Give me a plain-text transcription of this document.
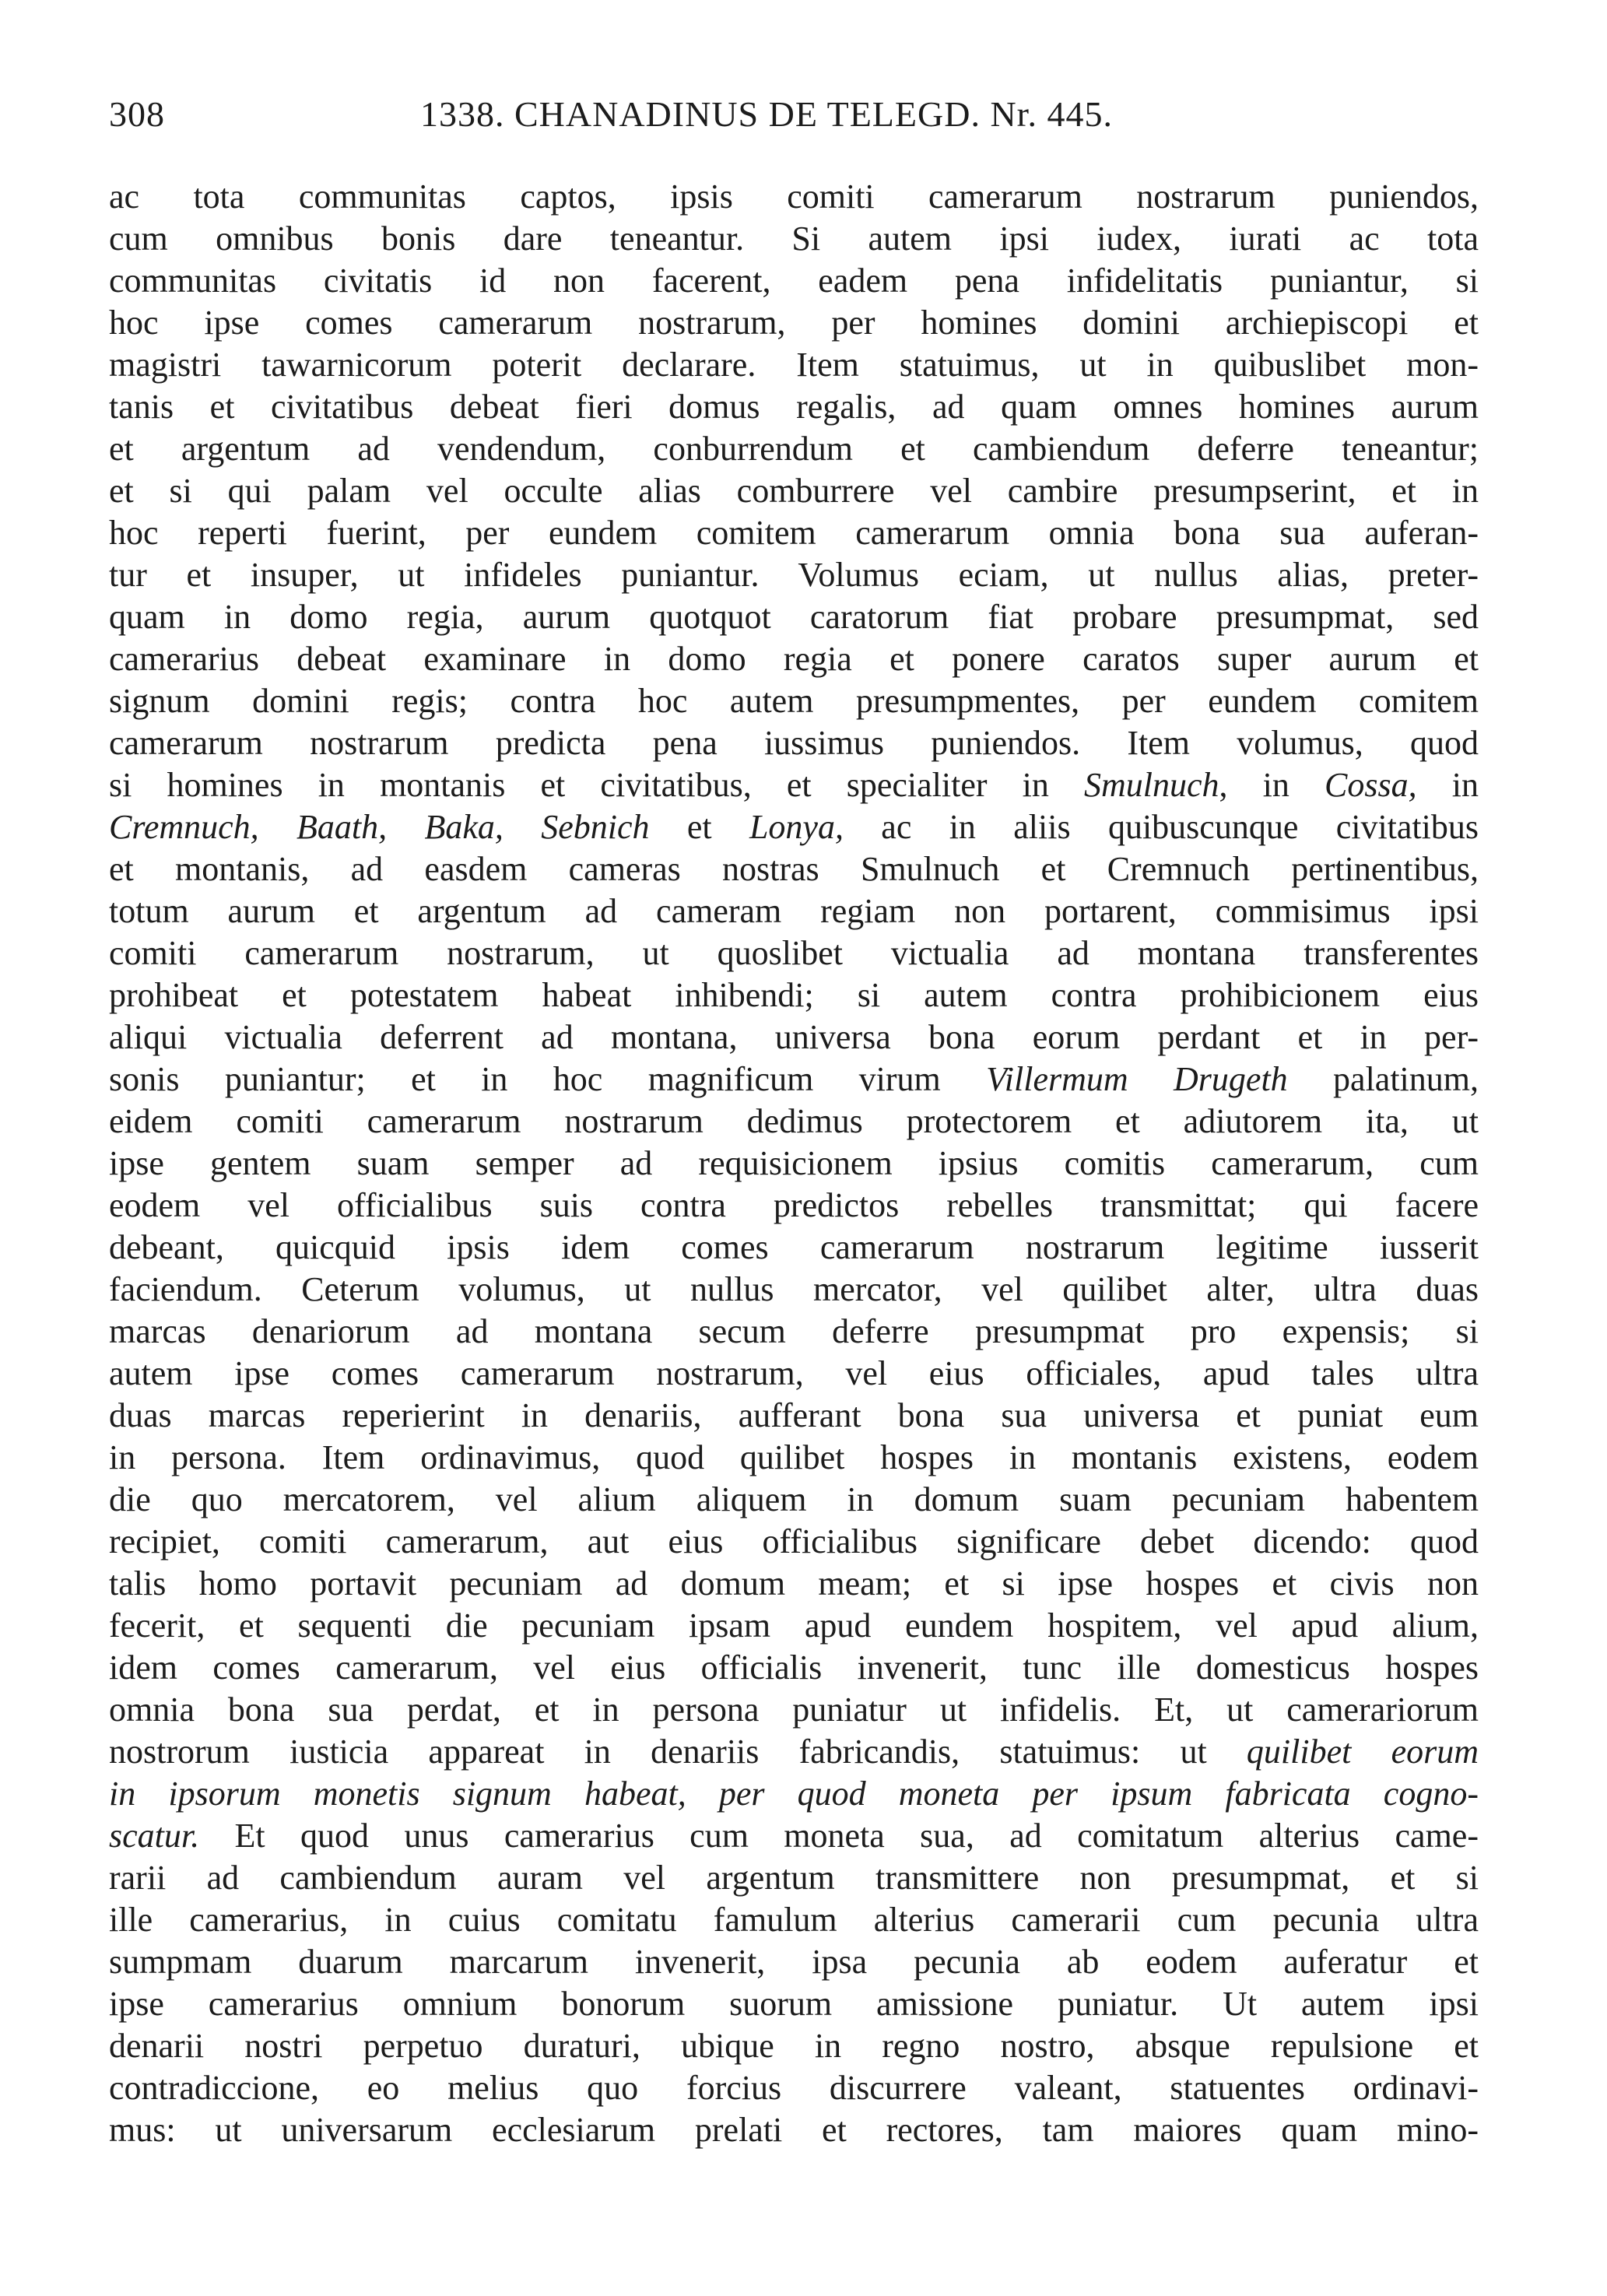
308	1338. CHANADINUS DE TELEGD. Nr. 445.
ac tota communitas captos, ipsis comiti camerarum nostrarum puniendos,
cum omnibus bonis dare teneantur. Si autem ipsi iudex, iurati ac tota
communitas civitatis id non facerent, eadem pena infidelitatis puniantur, si
hoc ipse comes camerarum nostrarum, per homines domini archiepiscopi et
magistri tawarnicorum poterit declarare. Item statuimus, ut in quibuslibet mon-
tanis et civitatibus debeat fieri domus regalis, ad quam omnes homines aurum
et argentum ad vendendum, conburrendum et cambiendum deferre teneantur;
et si qui palam vel occulte alias comburrere vel cambire presumpserint, et in
hoc reperti fuerint, per eundem comitem camerarum omnia bona sua auferan-
tur et insuper, ut infideles puniantur. Volumus eciam, ut nullus alias, preter-
quam in domo regia, aurum quotquot caratorum fiat probare presumpmat, sed
camerarius debeat examinare in domo regia et ponere caratos super aurum et
signum domini regis; contra hoc autem presumpmentes, per eundem comitem
camerarum nostrarum predicta pena iussimus puniendos. Item volumus, quod
si homines in montanis et civitatibus, et specialiter in Smulnuch, in Cossa, in
Cremnuch, Baath, Baka, Sebnich et Lonya, ac in aliis quibuscunque civitatibus
et montanis, ad easdem cameras nostras Smulnuch et Cremnuch pertinentibus,
totum aurum et argentum ad cameram regiam non portarent, commisimus ipsi
comiti camerarum nostrarum, ut quoslibet victualia ad montana transferentes
prohibeat et potestatem habeat inhibendi; si autem contra prohibicionem eius
aliqui victualia deferrent ad montana, universa bona eorum perdant et in per-
sonis puniantur; et in hoc magnificum virum Villermum Drugeth palatinum,
eidem comiti camerarum nostrarum dedimus protectorem et adiutorem ita, ut
ipse gentem suam semper ad requisicionem ipsius comitis camerarum, cum
eodem vel officialibus suis contra predictos rebelles transmittat; qui facere
debeant, quicquid ipsis idem comes camerarum nostrarum legitime iusserit
faciendum. Ceterum volumus, ut nullus mercator, vel quilibet alter, ultra duas
marcas denariorum ad montana secum deferre presumpmat pro expensis; si
autem ipse comes camerarum nostrarum, vel eius officiales, apud tales ultra
duas marcas reperierint in denariis, aufferant bona sua universa et puniat eum
in persona. Item ordinavimus, quod quilibet hospes in montanis existens, eodem
die quo mercatorem, vel alium aliquem in domum suam pecuniam habentem
recipiet, comiti camerarum, aut eius officialibus significare debet dicendo: quod
talis homo portavit pecuniam ad domum meam; et si ipse hospes et civis non
fecerit, et sequenti die pecuniam ipsam apud eundem hospitem, vel apud alium,
idem comes camerarum, vel eius officialis invenerit, tunc ille domesticus hospes
omnia bona sua perdat, et in persona puniatur ut infidelis. Et, ut camerariorum
nostrorum iusticia appareat in denariis fabricandis, statuimus: ut quilibet eorum
in ipsorum monetis signum habeat, per quod moneta per ipsum fabricata cogno-
scatur. Et quod unus camerarius cum moneta sua, ad comitatum alterius came-
rarii ad cambiendum auram vel argentum transmittere non presumpmat, et si
ille camerarius, in cuius comitatu famulum alterius camerarii cum pecunia ultra
sumpmam duarum marcarum invenerit, ipsa pecunia ab eodem auferatur et
ipse camerarius omnium bonorum suorum amissione puniatur. Ut autem ipsi
denarii nostri perpetuo duraturi, ubique in regno nostro, absque repulsione et
contradiccione, eo melius quo forcius discurrere valeant, statuentes ordinavi-
mus: ut universarum ecclesiarum prelati et rectores, tam maiores quam mino-
